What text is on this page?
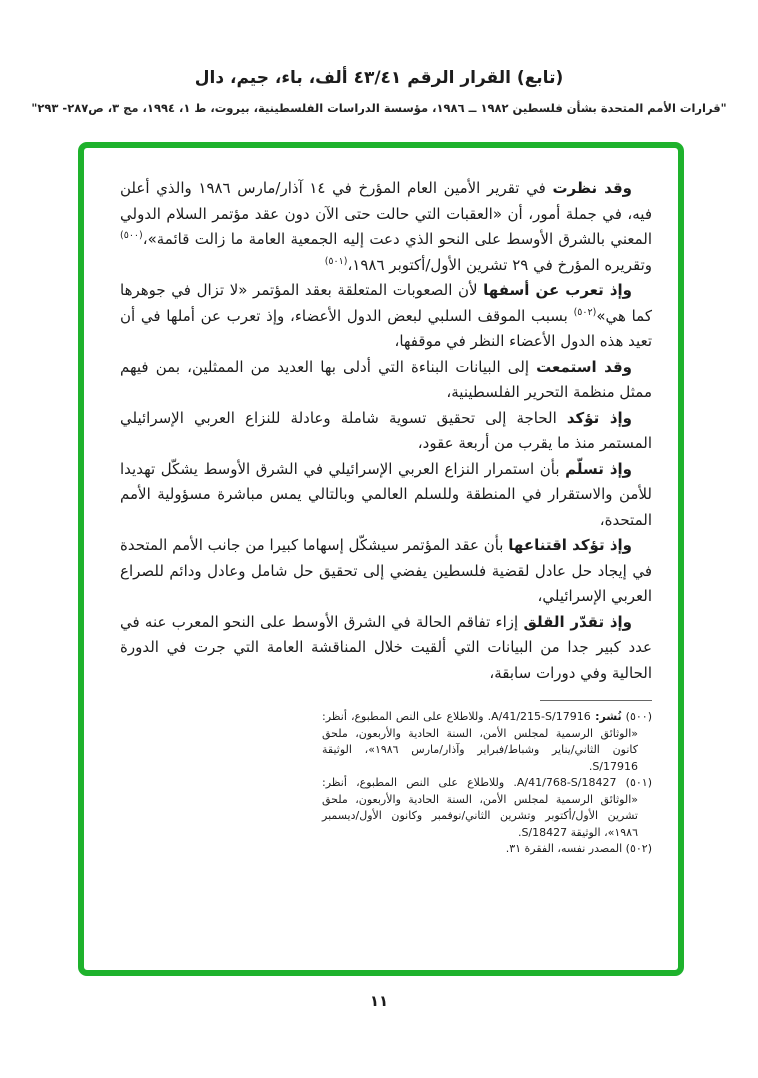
(تابع) القرار الرقم ٤٣/٤١ ألف، باء، جيم، دال
"قرارات الأمم المتحدة بشأن فلسطين ١٩٨٢ ــ ١٩٨٦، مؤسسة الدراسات الفلسطينية، بيروت، ط ١، ١٩٩٤، مج ٣، ص٢٨٧- ٢٩٣"

وقد نظرت في تقرير الأمين العام المؤرخ في ١٤ آذار/مارس ١٩٨٦ والذي أعلن فيه، في جملة أمور، أن «العقبات التي حالت حتى الآن دون عقد مؤتمر السلام الدولي المعني بالشرق الأوسط على النحو الذي دعت إليه الجمعية العامة ما زالت قائمة»،$^{(٥٠٠)}$ وتقريره المؤرخ في ٢٩ تشرين الأول/أكتوبر ١٩٨٦،$^{(٥٠١)}$

وإذ تعرب عن أسفها لأن الصعوبات المتعلقة بعقد المؤتمر «لا تزال في جوهرها كما هي»$^{(٥٠٢)}$ بسبب الموقف السلبي لبعض الدول الأعضاء، وإذ تعرب عن أملها في أن تعيد هذه الدول الأعضاء النظر في موقفها،

وقد استمعت إلى البيانات البناءة التي أدلى بها العديد من الممثلين، بمن فيهم ممثل منظمة التحرير الفلسطينية،

وإذ تؤكد الحاجة إلى تحقيق تسوية شاملة وعادلة للنزاع العربي الإسرائيلي المستمر منذ ما يقرب من أربعة عقود،

وإذ تسلّم بأن استمرار النزاع العربي الإسرائيلي في الشرق الأوسط يشكّل تهديدا للأمن والاستقرار في المنطقة وللسلم العالمي وبالتالي يمس مباشرة مسؤولية الأمم المتحدة،

وإذ تؤكد اقتناعها بأن عقد المؤتمر سيشكّل إسهاما كبيرا من جانب الأمم المتحدة في إيجاد حل عادل لقضية فلسطين يفضي إلى تحقيق حل شامل وعادل ودائم للصراع العربي الإسرائيلي،

وإذ تقدّر القلق إزاء تفاقم الحالة في الشرق الأوسط على النحو المعرب عنه في عدد كبير جدا من البيانات التي ألقيت خلال المناقشة العامة التي جرت في الدورة الحالية وفي دورات سابقة،

(٥٠٠) نُشر: A/41/215-S/17916. وللاطلاع على النص المطبوع، أنظر: «الوثائق الرسمية لمجلس الأمن، السنة الحادية والأربعون، ملحق كانون الثاني/يناير وشباط/فبراير وآذار/مارس ١٩٨٦»، الوثيقة S/17916.

(٥٠١) A/41/768-S/18427. وللاطلاع على النص المطبوع، أنظر: «الوثائق الرسمية لمجلس الأمن، السنة الحادية والأربعون، ملحق تشرين الأول/أكتوبر وتشرين الثاني/نوفمبر وكانون الأول/ديسمبر ١٩٨٦»، الوثيقة S/18427.

(٥٠٢) المصدر نفسه، الفقرة ٣١.

١١
